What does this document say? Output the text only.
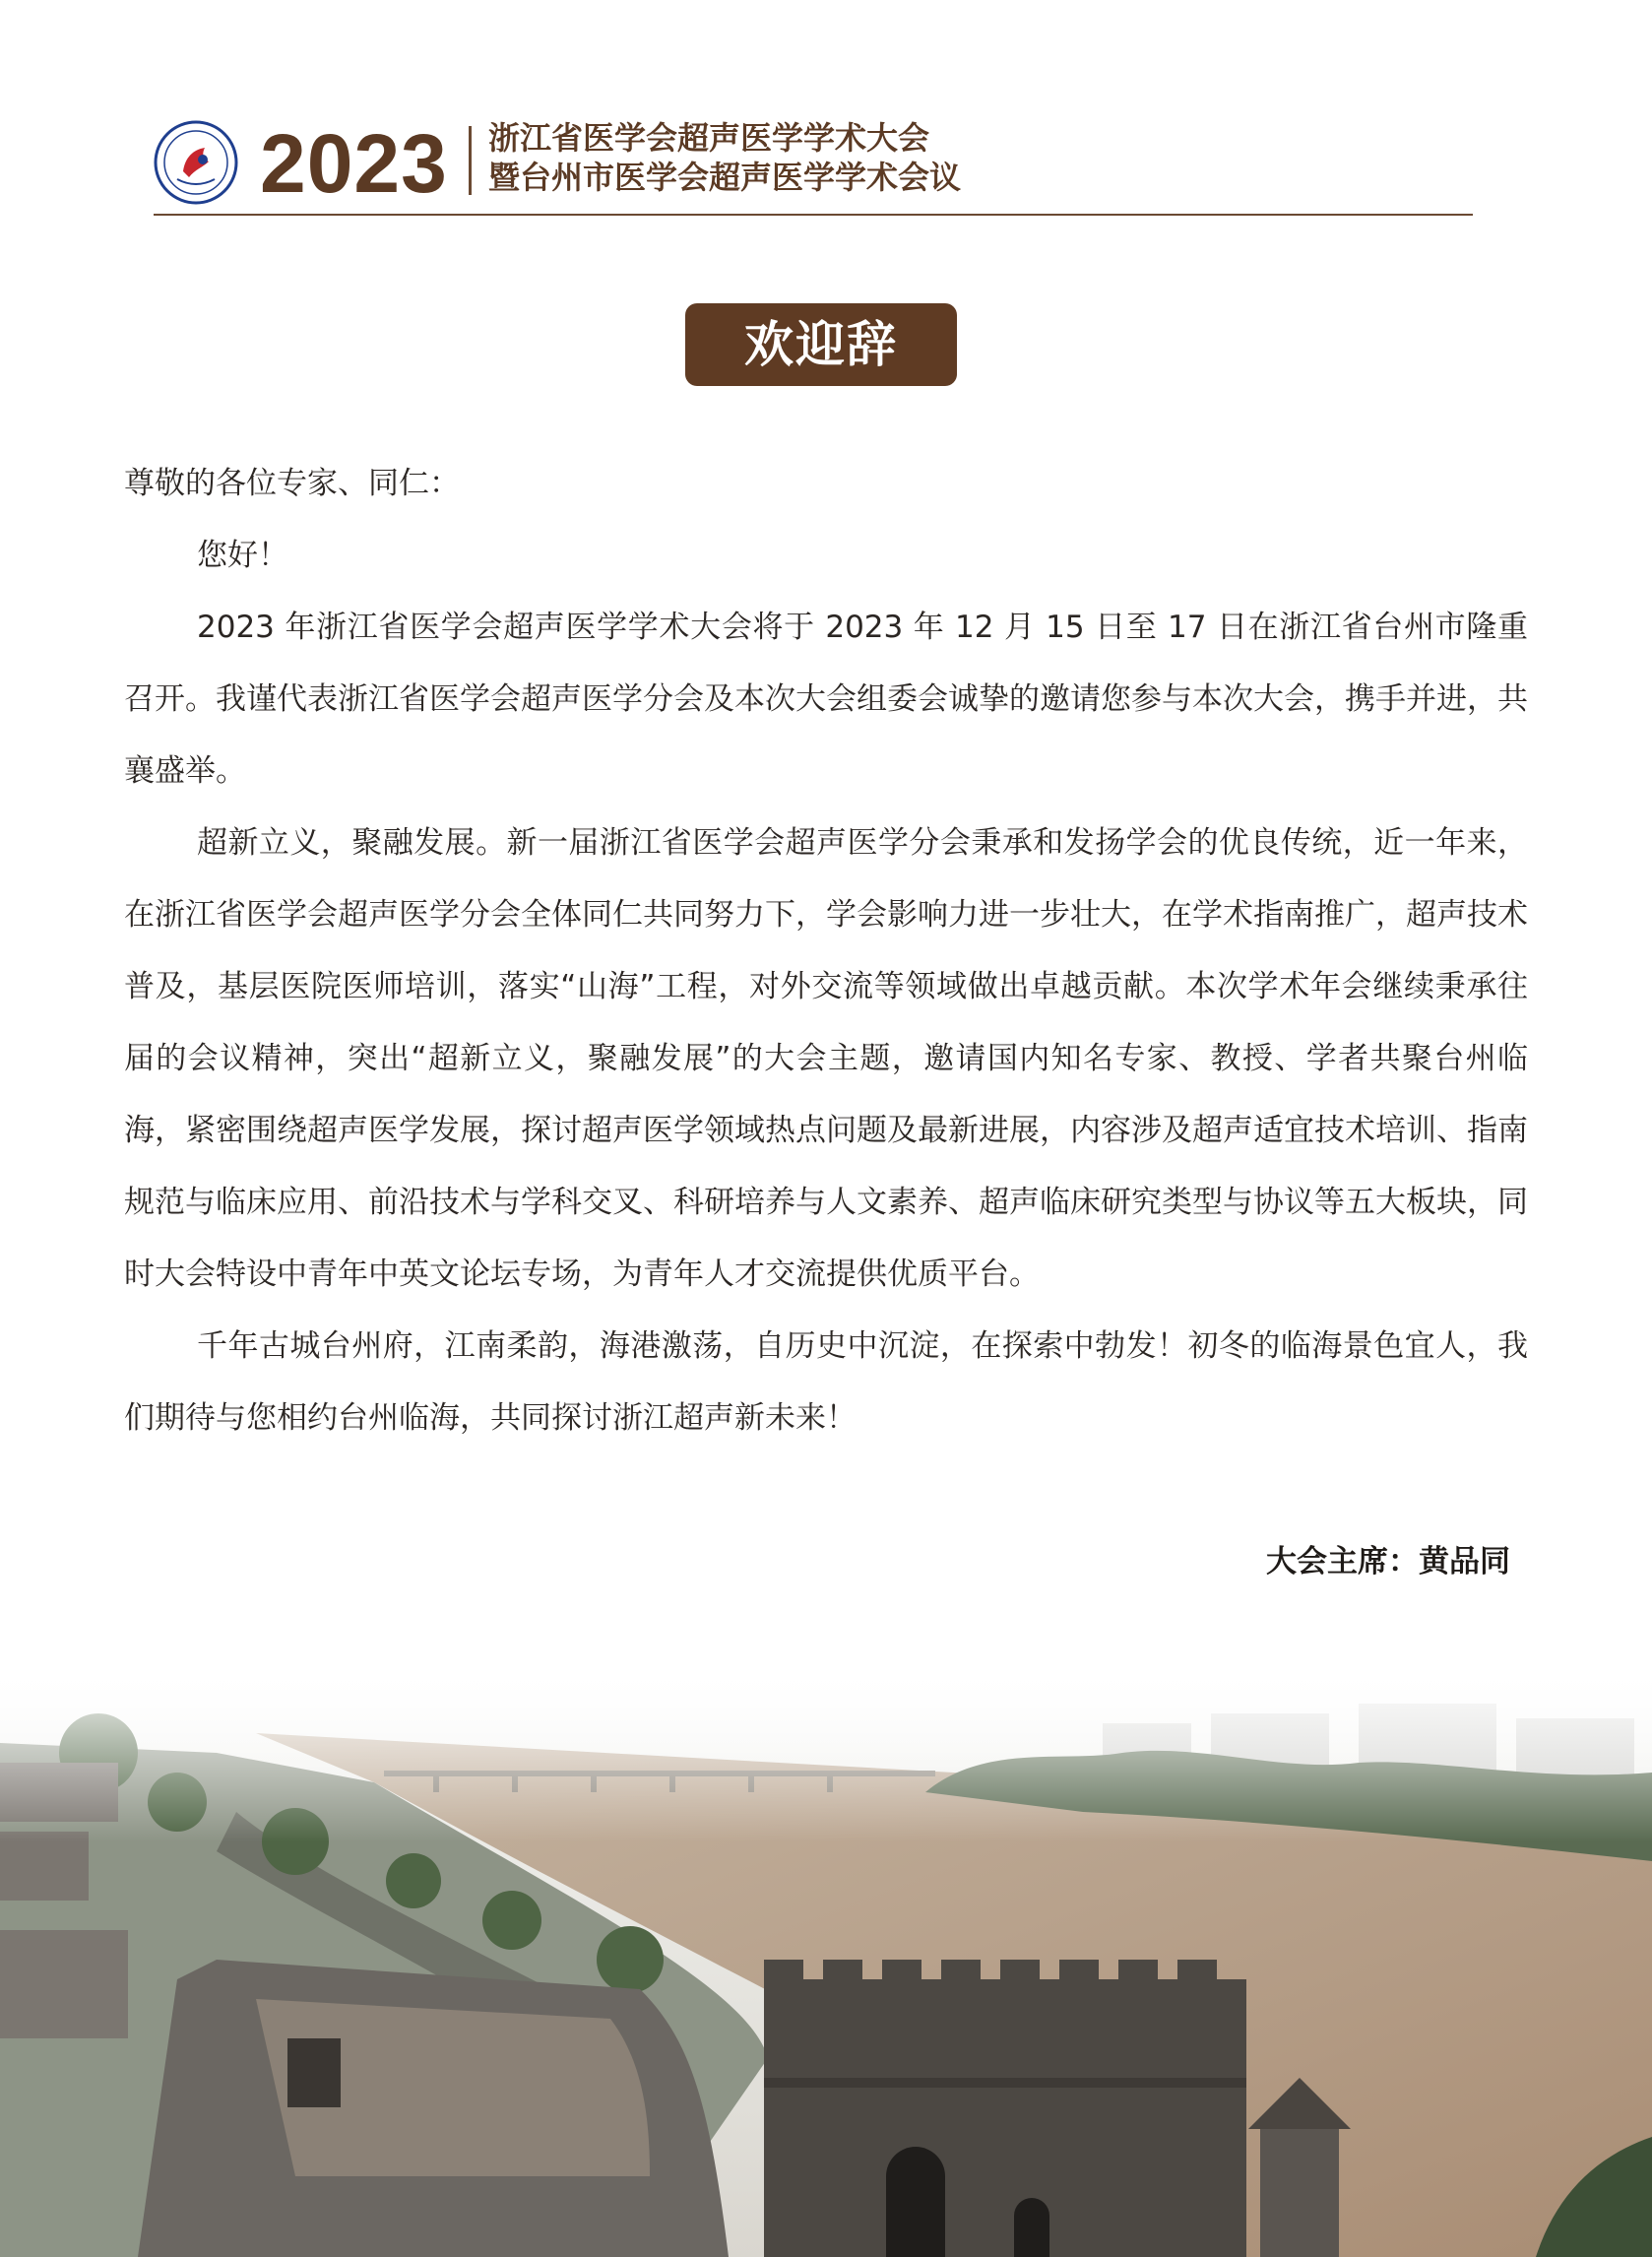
2023 浙江省医学会超声医学学术大会
暨台州市医学会超声医学学术会议
欢迎辞

尊敬的各位专家、同仁：

您好！

2023 年浙江省医学会超声医学学术大会将于 2023 年 12 月 15 日至 17 日在浙江省台州市隆重召开。我谨代表浙江省医学会超声医学分会及本次大会组委会诚挚的邀请您参与本次大会，携手并进，共襄盛举。

超新立义，聚融发展。新一届浙江省医学会超声医学分会秉承和发扬学会的优良传统，近一年来，在浙江省医学会超声医学分会全体同仁共同努力下，学会影响力进一步壮大，在学术指南推广，超声技术普及，基层医院医师培训，落实“山海”工程，对外交流等领域做出卓越贡献。本次学术年会继续秉承往届的会议精神，突出“超新立义，聚融发展”的大会主题，邀请国内知名专家、教授、学者共聚台州临海，紧密围绕超声医学发展，探讨超声医学领域热点问题及最新进展，内容涉及超声适宜技术培训、指南规范与临床应用、前沿技术与学科交叉、科研培养与人文素养、超声临床研究类型与协议等五大板块，同时大会特设中青年中英文论坛专场，为青年人才交流提供优质平台。

千年古城台州府，江南柔韵，海港激荡，自历史中沉淀，在探索中勃发！初冬的临海景色宜人，我们期待与您相约台州临海，共同探讨浙江超声新未来！

大会主席：黄品同
